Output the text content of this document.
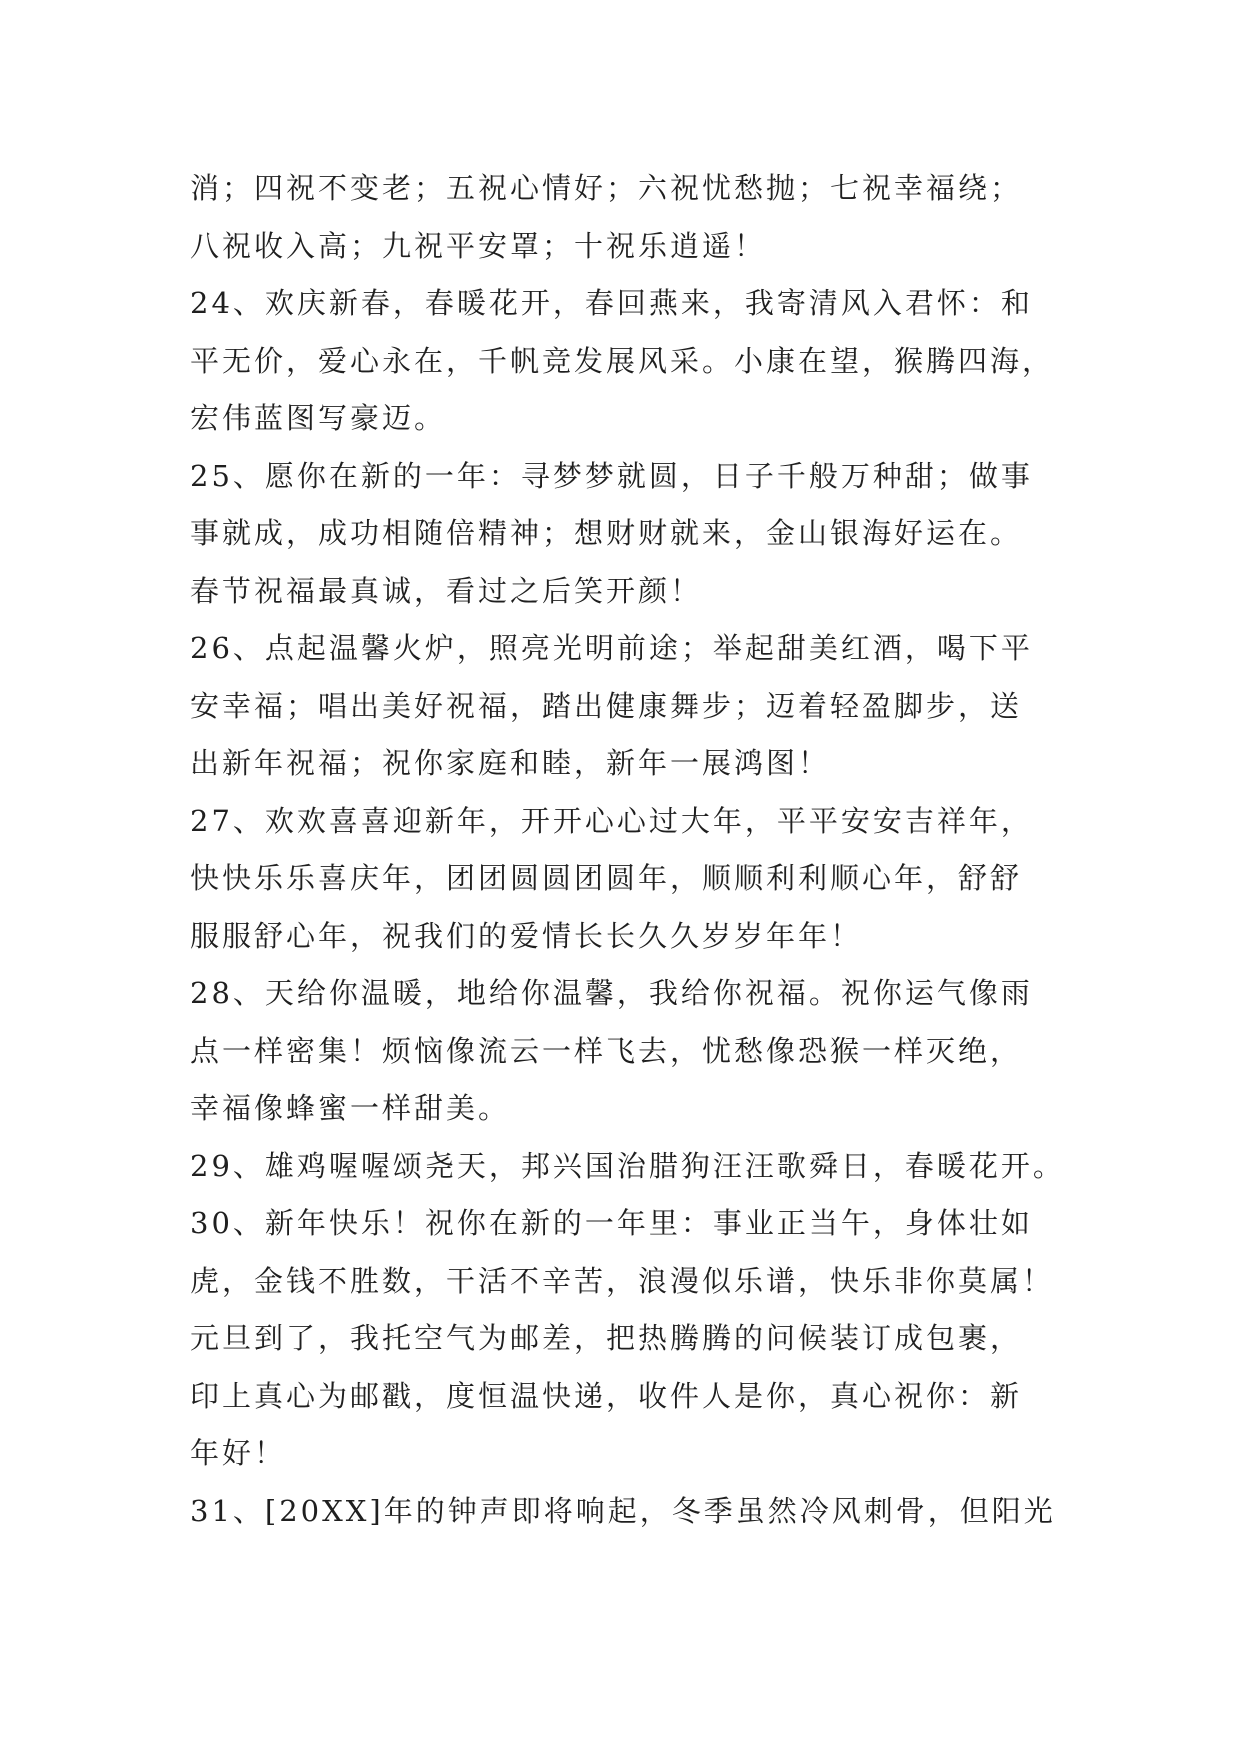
消；四祝不变老；五祝心情好；六祝忧愁抛；七祝幸福绕；
八祝收入高；九祝平安罩；十祝乐逍遥！
24、欢庆新春，春暖花开，春回燕来，我寄清风入君怀：和
平无价，爱心永在，千帆竞发展风采。小康在望，猴腾四海，
宏伟蓝图写豪迈。
25、愿你在新的一年：寻梦梦就圆，日子千般万种甜；做事
事就成，成功相随倍精神；想财财就来，金山银海好运在。
春节祝福最真诚，看过之后笑开颜！
26、点起温馨火炉，照亮光明前途；举起甜美红酒，喝下平
安幸福；唱出美好祝福，踏出健康舞步；迈着轻盈脚步，送
出新年祝福；祝你家庭和睦，新年一展鸿图！
27、欢欢喜喜迎新年，开开心心过大年，平平安安吉祥年，
快快乐乐喜庆年，团团圆圆团圆年，顺顺利利顺心年，舒舒
服服舒心年，祝我们的爱情长长久久岁岁年年！
28、天给你温暖，地给你温馨，我给你祝福。祝你运气像雨
点一样密集！烦恼像流云一样飞去，忧愁像恐猴一样灭绝，
幸福像蜂蜜一样甜美。
29、雄鸡喔喔颂尧天，邦兴国治腊狗汪汪歌舜日，春暖花开。
30、新年快乐！祝你在新的一年里：事业正当午，身体壮如
虎，金钱不胜数，干活不辛苦，浪漫似乐谱，快乐非你莫属！
元旦到了，我托空气为邮差，把热腾腾的问候装订成包裹，
印上真心为邮戳，度恒温快递，收件人是你，真心祝你：新
年好！
31、[20XX]年的钟声即将响起，冬季虽然冷风刺骨，但阳光
